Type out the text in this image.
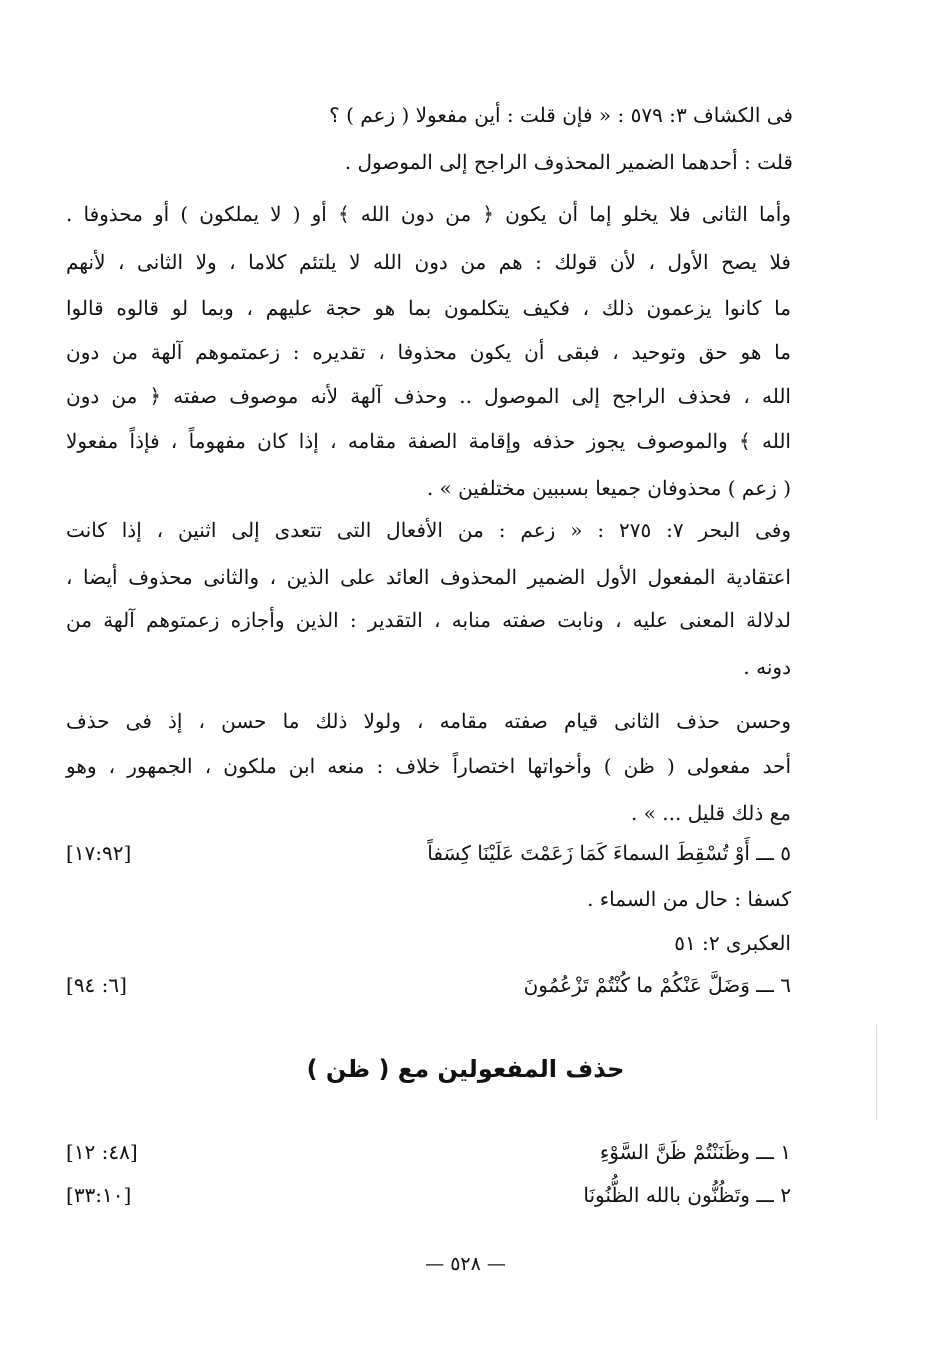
فى الكشاف ٣: ٥٧٩ : « فإن قلت : أين مفعولا ( زعم ) ؟
قلت : أحدهما الضمير المحذوف الراجح إلى الموصول .
وأما الثانى فلا يخلو إما أن يكون ﴿ من دون الله ﴾ أو ( لا يملكون ) أو محذوفا .
فلا يصح الأول ، لأن قولك : هم من دون الله لا يلتئم كلاما ، ولا الثانى ، لأنهم
ما كانوا يزعمون ذلك ، فكيف يتكلمون بما هو حجة عليهم ، وبما لو قالوه قالوا
ما هو حق وتوحيد ، فبقى أن يكون محذوفا ، تقديره : زعمتموهم آلهة من دون
الله ، فحذف الراجح إلى الموصول .. وحذف آلهة لأنه موصوف صفته ﴿ من دون
الله ﴾ والموصوف يجوز حذفه وإقامة الصفة مقامه ، إذا كان مفهوماً ، فإذاً مفعولا
( زعم ) محذوفان جميعا بسببين مختلفين » .
وفى البحر ٧: ٢٧٥ : « زعم : من الأفعال التى تتعدى إلى اثنين ، إذا كانت
اعتقادية المفعول الأول الضمير المحذوف العائد على الذين ، والثانى محذوف أيضا ،
لدلالة المعنى عليه ، ونابت صفته منابه ، التقدير : الذين وأجازه زعمتوهم آلهة من
دونه .
وحسن حذف الثانى قيام صفته مقامه ، ولولا ذلك ما حسن ، إذ فى حذف
أحد مفعولى ( ظن ) وأخواتها اختصاراً خلاف : منعه ابن ملكون ، الجمهور ، وهو
مع ذلك قليل ... » .
٥ ـــ أَوْ تُسْقِطَ السماءَ كَمَا زَعَمْتَ عَلَيْنَا كِسَفاً
[١٧:٩٢]
كسفا : حال من السماء .
العكبرى ٢: ٥١
٦ ـــ وَضَلَّ عَنْكُمْ ما كُنْتُمْ تَزْعُمُونَ
[٦: ٩٤]
حذف المفعولين مع ( ظن )
١ ـــ وظَنَنْتُمْ ظَنَّ السَّوْءِ
[٤٨: ١٢]
٢ ـــ وتَظُنُّون بالله الظُّنُونَا
[٣٣:١٠]
— ٥٢٨ —
